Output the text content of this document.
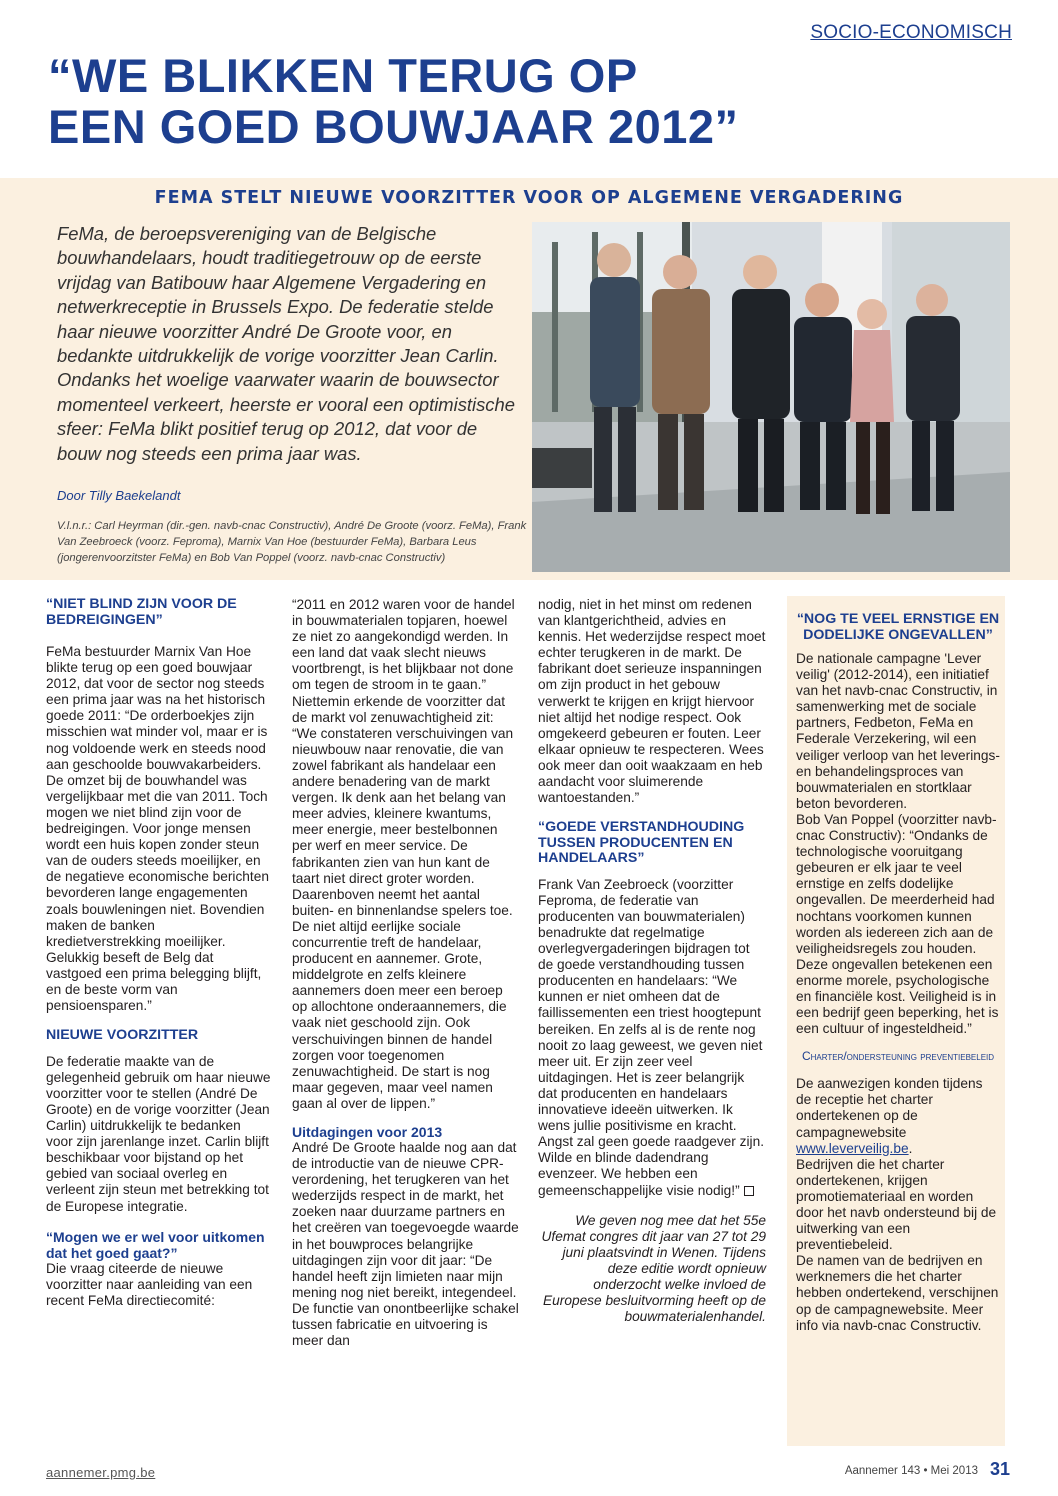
SOCIO-ECONOMISCH
“WE BLIKKEN TERUG OP
EEN GOED BOUWJAAR 2012”
FEMA STELT NIEUWE VOORZITTER VOOR OP ALGEMENE VERGADERING
FeMa, de beroepsvereniging van de Belgische bouwhandelaars, houdt traditiegetrouw op de eerste vrijdag van Batibouw haar Algemene Vergadering en netwerkreceptie in Brussels Expo. De federatie stelde haar nieuwe voorzitter André De Groote voor, en bedankte uitdrukkelijk de vorige voorzitter Jean Carlin. Ondanks het woelige vaarwater waarin de bouwsector momenteel verkeert, heerste er vooral een optimistische sfeer: FeMa blikt positief terug op 2012, dat voor de bouw nog steeds een prima jaar was.
Door Tilly Baekelandt
V.l.n.r.: Carl Heyrman (dir.-gen. navb-cnac Constructiv), André De Groote (voorz. FeMa), Frank Van Zeebroeck (voorz. Feproma), Marnix Van Hoe (bestuurder FeMa), Barbara Leus (jongerenvoorzitster FeMa) en Bob Van Poppel (voorz. navb-cnac Constructiv)
“NIET BLIND ZIJN VOOR DE BEDREIGINGEN”

FeMa bestuurder Marnix Van Hoe blikte terug op een goed bouwjaar 2012, dat voor de sector nog steeds een prima jaar was na het historisch goede 2011: “De orderboekjes zijn misschien wat minder vol, maar er is nog voldoende werk en steeds nood aan geschoolde bouwvakarbeiders. De omzet bij de bouwhandel was vergelijkbaar met die van 2011. Toch mogen we niet blind zijn voor de bedreigingen. Voor jonge mensen wordt een huis kopen zonder steun van de ouders steeds moeilijker, en de negatieve economische berichten bevorderen lange engagementen zoals bouwleningen niet. Bovendien maken de banken kredietverstrekking moeilijker. Gelukkig beseft de Belg dat vastgoed een prima belegging blijft, en de beste vorm van pensioensparen.”

NIEUWE VOORZITTER

De federatie maakte van de gelegenheid gebruik om haar nieuwe voorzitter voor te stellen (André De Groote) en de vorige voorzitter (Jean Carlin) uitdrukkelijk te bedanken voor zijn jarenlange inzet. Carlin blijft beschikbaar voor bijstand op het gebied van sociaal overleg en verleent zijn steun met betrekking tot de Europese integratie.

“Mogen we er wel voor uitkomen dat het goed gaat?”

Die vraag citeerde de nieuwe voorzitter naar aanleiding van een recent FeMa directiecomité:

“2011 en 2012 waren voor de handel in bouwmaterialen topjaren, hoewel ze niet zo aangekondigd werden. In een land dat vaak slecht nieuws voortbrengt, is het blijkbaar not done om tegen de stroom in te gaan.”

Niettemin erkende de voorzitter dat de markt vol zenuwachtigheid zit: “We constateren verschuivingen van nieuwbouw naar renovatie, die van zowel fabrikant als handelaar een andere benadering van de markt vergen. Ik denk aan het belang van meer advies, kleinere kwantums, meer energie, meer bestelbonnen per werf en meer service. De fabrikanten zien van hun kant de taart niet direct groter worden. Daarenboven neemt het aantal buiten- en binnenlandse spelers toe. De niet altijd eerlijke sociale concurrentie treft de handelaar, producent en aannemer. Grote, middelgrote en zelfs kleinere aannemers doen meer een beroep op allochtone onderaannemers, die vaak niet geschoold zijn. Ook verschuivingen binnen de handel zorgen voor toegenomen zenuwachtigheid. De start is nog maar gegeven, maar veel namen gaan al over de lippen.”

Uitdagingen voor 2013

André De Groote haalde nog aan dat de introductie van de nieuwe CPR-verordening, het terugkeren van het wederzijds respect in de markt, het zoeken naar duurzame partners en het creëren van toegevoegde waarde in het bouwproces belangrijke uitdagingen zijn voor dit jaar: “De handel heeft zijn limieten naar mijn mening nog niet bereikt, integendeel. De functie van onontbeerlijke schakel tussen fabricatie en uitvoering is meer dan

nodig, niet in het minst om redenen van klantgerichtheid, advies en kennis. Het wederzijdse respect moet echter terugkeren in de markt. De fabrikant doet serieuze inspanningen om zijn product in het gebouw verwerkt te krijgen en krijgt hiervoor niet altijd het nodige respect. Ook omgekeerd gebeuren er fouten. Leer elkaar opnieuw te respecteren. Wees ook meer dan ooit waakzaam en heb aandacht voor sluimerende wantoestanden.”

“GOEDE VERSTANDHOUDING TUSSEN PRODUCENTEN EN HANDELAARS”

Frank Van Zeebroeck (voorzitter Feproma, de federatie van producenten van bouwmaterialen) benadrukte dat regelmatige overlegvergaderingen bijdragen tot de goede verstandhouding tussen producenten en handelaars: “We kunnen er niet omheen dat de faillissementen een triest hoogtepunt bereiken. En zelfs al is de rente nog nooit zo laag geweest, we geven niet meer uit. Er zijn zeer veel uitdagingen. Het is zeer belangrijk dat producenten en handelaars innovatieve ideeën uitwerken. Ik wens jullie positivisme en kracht. Angst zal geen goede raadgever zijn. Wilde en blinde dadendrang evenzeer. We hebben een gemeenschappelijke visie nodig!”

We geven nog mee dat het 55e Ufemat congres dit jaar van 27 tot 29 juni plaatsvindt in Wenen. Tijdens deze editie wordt opnieuw onderzocht welke invloed de Europese besluitvorming heeft op de bouwmaterialenhandel.

“NOG TE VEEL ERNSTIGE EN DODELIJKE ONGEVALLEN”

De nationale campagne 'Lever veilig' (2012-2014), een initiatief van het navb-cnac Constructiv, in samenwerking met de sociale partners, Fedbeton, FeMa en Federale Verzekering, wil een veiliger verloop van het leverings- en behandelingsproces van bouwmaterialen en stortklaar beton bevorderen.

Bob Van Poppel (voorzitter navb-cnac Constructiv): “Ondanks de technologische vooruitgang gebeuren er elk jaar te veel ernstige en zelfs dodelijke ongevallen. De meerderheid had nochtans voorkomen kunnen worden als iedereen zich aan de veiligheidsregels zou houden. Deze ongevallen betekenen een enorme morele, psychologische en financiële kost. Veiligheid is in een bedrijf geen beperking, het is een cultuur of ingesteldheid.”

Charter/ondersteuning preventiebeleid

De aanwezigen konden tijdens de receptie het charter ondertekenen op de campagnewebsite www.leverveilig.be.

Bedrijven die het charter ondertekenen, krijgen promotiemateriaal en worden door het navb ondersteund bij de uitwerking van een preventiebeleid.

De namen van de bedrijven en werknemers die het charter hebben ondertekend, verschijnen op de campagnewebsite. Meer info via navb-cnac Constructiv.

aannemer.pmg.be	Aannemer 143 • Mei 2013 31
